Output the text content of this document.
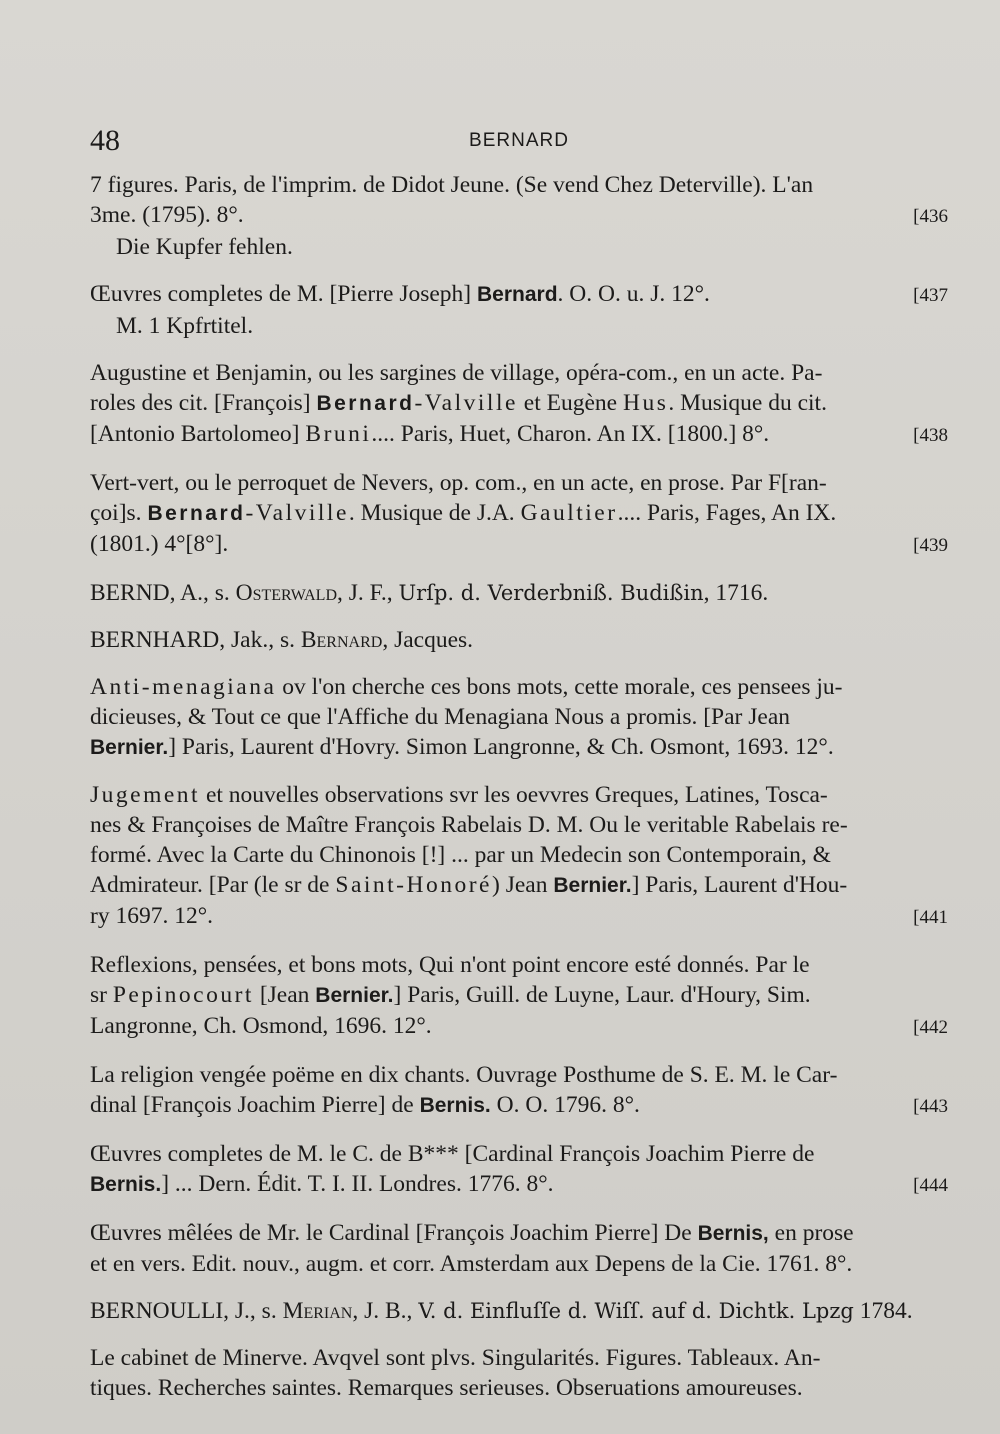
48	BERNARD

7 figures. Paris, de l'imprim. de Didot Jeune. (Se vend Chez Deterville). L'an

3me. (1795). 8°.	[436

Die Kupfer fehlen.

Œuvres completes de M. [Pierre Joseph] Bernard. O. O. u. J. 12°.	[437

M. 1 Kpfrtitel.

Augustine et Benjamin, ou les sargines de village, opéra-com., en un acte. Pa-

roles des cit. [François] Bernard-Valville et Eugène Hus. Musique du cit.

[Antonio Bartolomeo] Bruni.... Paris, Huet, Charon. An IX. [1800.] 8°.	[438

Vert-vert, ou le perroquet de Nevers, op. com., en un acte, en prose. Par F[ran-

çoi]s. Bernard-Valville. Musique de J.A. Gaultier.... Paris, Fages, An IX.

(1801.) 4°[8°].	[439

BERND, A., s. Osterwald, J. F., Urſp. d. Verderbniß. Budißin, 1716.

BERNHARD, Jak., s. Bernard, Jacques.

Anti-menagiana ov l'on cherche ces bons mots, cette morale, ces pensees ju-

dicieuses, & Tout ce que l'Affiche du Menagiana Nous a promis. [Par Jean

Bernier.] Paris, Laurent d'Hovry. Simon Langronne, & Ch. Osmont, 1693. 12°.

Jugement et nouvelles observations svr les oevvres Greques, Latines, Tosca-

nes & Françoises de Maître François Rabelais D. M. Ou le veritable Rabelais re-

formé. Avec la Carte du Chinonois [!] ... par un Medecin son Contemporain, &

Admirateur. [Par (le sr de Saint-Honoré) Jean Bernier.] Paris, Laurent d'Hou-

ry 1697. 12°.	[441

Reflexions, pensées, et bons mots, Qui n'ont point encore esté donnés. Par le

sr Pepinocourt [Jean Bernier.] Paris, Guill. de Luyne, Laur. d'Houry, Sim.

Langronne, Ch. Osmond, 1696. 12°.	[442

La religion vengée poëme en dix chants. Ouvrage Posthume de S. E. M. le Car-

dinal [François Joachim Pierre] de Bernis. O. O. 1796. 8°.	[443

Œuvres completes de M. le C. de B*** [Cardinal François Joachim Pierre de

Bernis.] ... Dern. Édit. T. I. II. Londres. 1776. 8°.	[444

Œuvres mêlées de Mr. le Cardinal [François Joachim Pierre] De Bernis, en prose

et en vers. Edit. nouv., augm. et corr. Amsterdam aux Depens de la Cie. 1761. 8°.

BERNOULLI, J., s. Merian, J. B., V. d. Einfluſſe d. Wiſſ. auf d. Dichtk. Lpzg 1784.

Le cabinet de Minerve. Avqvel sont plvs. Singularités. Figures. Tableaux. An-

tiques. Recherches saintes. Remarques serieuses. Obseruations amoureuses.
